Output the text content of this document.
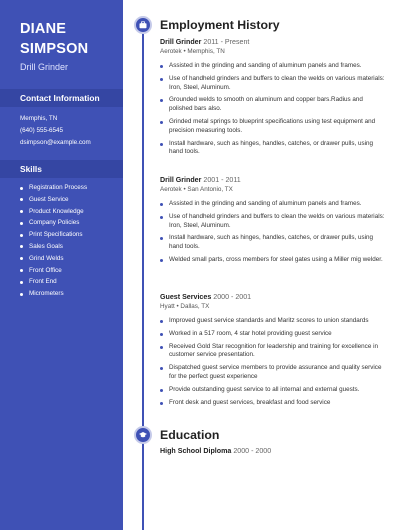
DIANE
SIMPSON
Drill Grinder
Contact Information
Memphis, TN
(640) 555-6545
dsimpson@example.com
Skills
Registration Process
Guest Service
Product Knowledge
Company Policies
Print Specifications
Sales Goals
Grind Welds
Front Office
Front End
Micrometers
Employment History
Drill Grinder 2011 - Present
Aerotek • Memphis, TN
Assisted in the grinding and sanding of aluminum panels and frames.
Use of handheld grinders and buffers to clean the welds on various materials: Iron, Steel, Aluminum.
Grounded welds to smooth on aluminum and copper bars.Radius and polished bars also.
Grinded metal springs to blueprint specifications using test equipment and precision measuring tools.
Install hardware, such as hinges, handles, catches, or drawer pulls, using hand tools.
Drill Grinder 2001 - 2011
Aerotek • San Antonio, TX
Assisted in the grinding and sanding of aluminum panels and frames.
Use of handheld grinders and buffers to clean the welds on various materials: Iron, Steel, Aluminum.
Install hardware, such as hinges, handles, catches, or drawer pulls, using hand tools.
Welded small parts, cross members for steel gates using a Miller mig welder.
Guest Services 2000 - 2001
Hyatt • Dallas, TX
Improved guest service standards and Maritz scores to union standards
Worked in a 517 room, 4 star hotel providing guest service
Received Gold Star recognition for leadership and training for excellence in customer service presentation.
Dispatched guest service members to provide assurance and quality service for the perfect guest experience
Provide outstanding guest service to all internal and external guests.
Front desk and guest services, breakfast and food service
Education
High School Diploma 2000 - 2000
